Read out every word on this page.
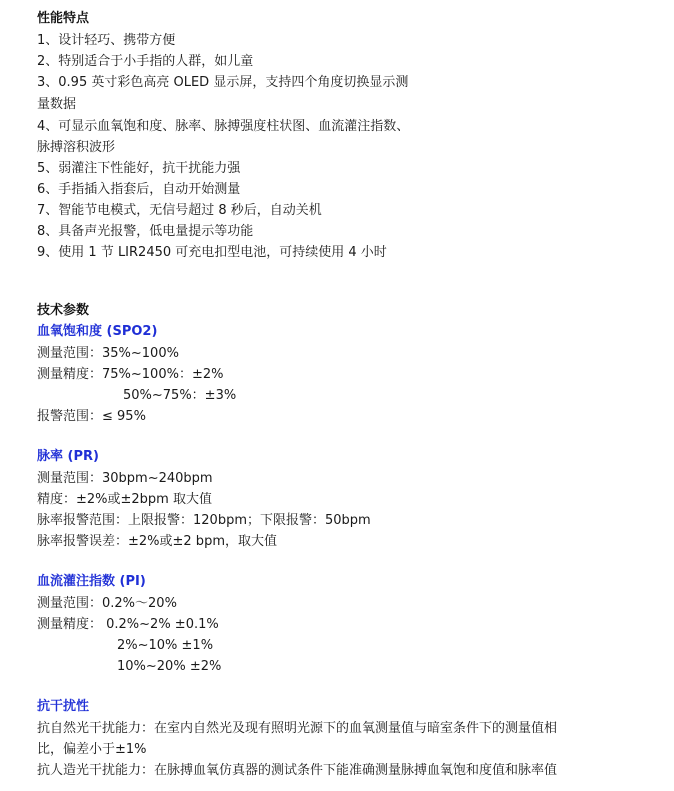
性能特点
1、设计轻巧、携带方便
2、特别适合于小手指的人群，如儿童
3、0.95 英寸彩色高亮 OLED 显示屏，支持四个角度切换显示测
量数据
4、可显示血氧饱和度、脉率、脉搏强度柱状图、血流灌注指数、
脉搏溶积波形
5、弱灌注下性能好，抗干扰能力强
6、手指插入指套后，自动开始测量
7、智能节电模式，无信号超过 8 秒后，自动关机
8、具备声光报警，低电量提示等功能
9、使用 1 节 LIR2450 可充电扣型电池，可持续使用 4 小时
技术参数
血氧饱和度 (SPO2)
测量范围：35%~100%
测量精度：75%~100%：±2%
50%~75%：±3%
报警范围：≤ 95%
脉率 (PR)
测量范围：30bpm~240bpm
精度：±2%或±2bpm 取大值
脉率报警范围：上限报警：120bpm；下限报警：50bpm
脉率报警误差：±2%或±2 bpm，取大值
血流灌注指数 (PI)
测量范围：0.2%～20%
测量精度： 0.2%~2% ±0.1%
2%~10% ±1%
10%~20% ±2%
抗干扰性
抗自然光干扰能力：在室内自然光及现有照明光源下的血氧测量值与暗室条件下的测量值相
比，偏差小于±1%
抗人造光干扰能力：在脉搏血氧仿真器的测试条件下能准确测量脉搏血氧饱和度值和脉率值
